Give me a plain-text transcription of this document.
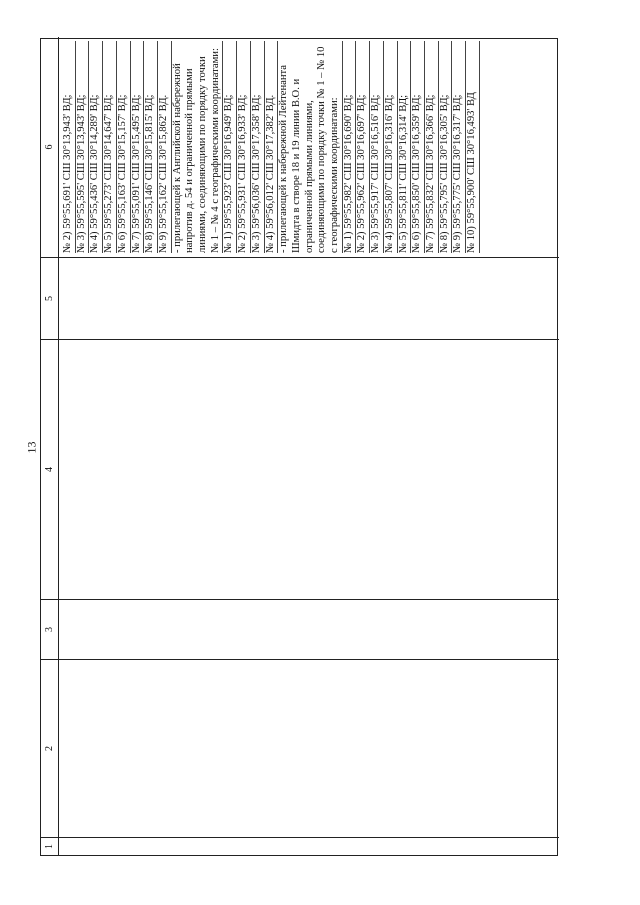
13
1
2
3
4
5
6 № 2) 59°55,691' СШ 30°13,943' ВД; № 3) 59°55,595' СШ 30°13,943' ВД; № 4) 59°55,436' СШ 30°14,289' ВД; № 5) 59°55,273' СШ 30°14,647' ВД; № 6) 59°55,163' СШ 30°15,157' ВД; № 7) 59°55,091' СШ 30°15,495' ВД; № 8) 59°55,146' СШ 30°15,815' ВД; № 9) 59°55,162' СШ 30°15,862' ВД. - прилегающей к Английской набережной напротив д. 54 и ограниченной прямыми линиями, соединяющими по порядку точки № 1 – № 4 с географическими координатами: № 1) 59°55,923' СШ 30°16,949' ВД; № 2) 59°55,931' СШ 30°16,933' ВД; № 3) 59°56,036' СШ 30°17,358' ВД; № 4) 59°56,012' СШ 30°17,382' ВД. - прилегающей к набережной Лейтенанта Шмидта в створе 18 и 19 линии В.О. и ограниченной прямыми линиями, соединяющими по порядку точки № 1 – № 10 с географическими координатами: № 1) 59°55,982' СШ 30°16,690' ВД; № 2) 59°55,962' СШ 30°16,697' ВД; № 3) 59°55,917' СШ 30°16,516' ВД; № 4) 59°55,807' СШ 30°16,316' ВД; № 5) 59°55,811' СШ 30°16,314' ВД; № 6) 59°55,850' СШ 30°16,359' ВД; № 7) 59°55,832' СШ 30°16,366' ВД; № 8) 59°55,795' СШ 30°16,305' ВД; № 9) 59°55,775' СШ 30°16,317' ВД; № 10) 59°55,900' СШ 30°16,493' ВД
